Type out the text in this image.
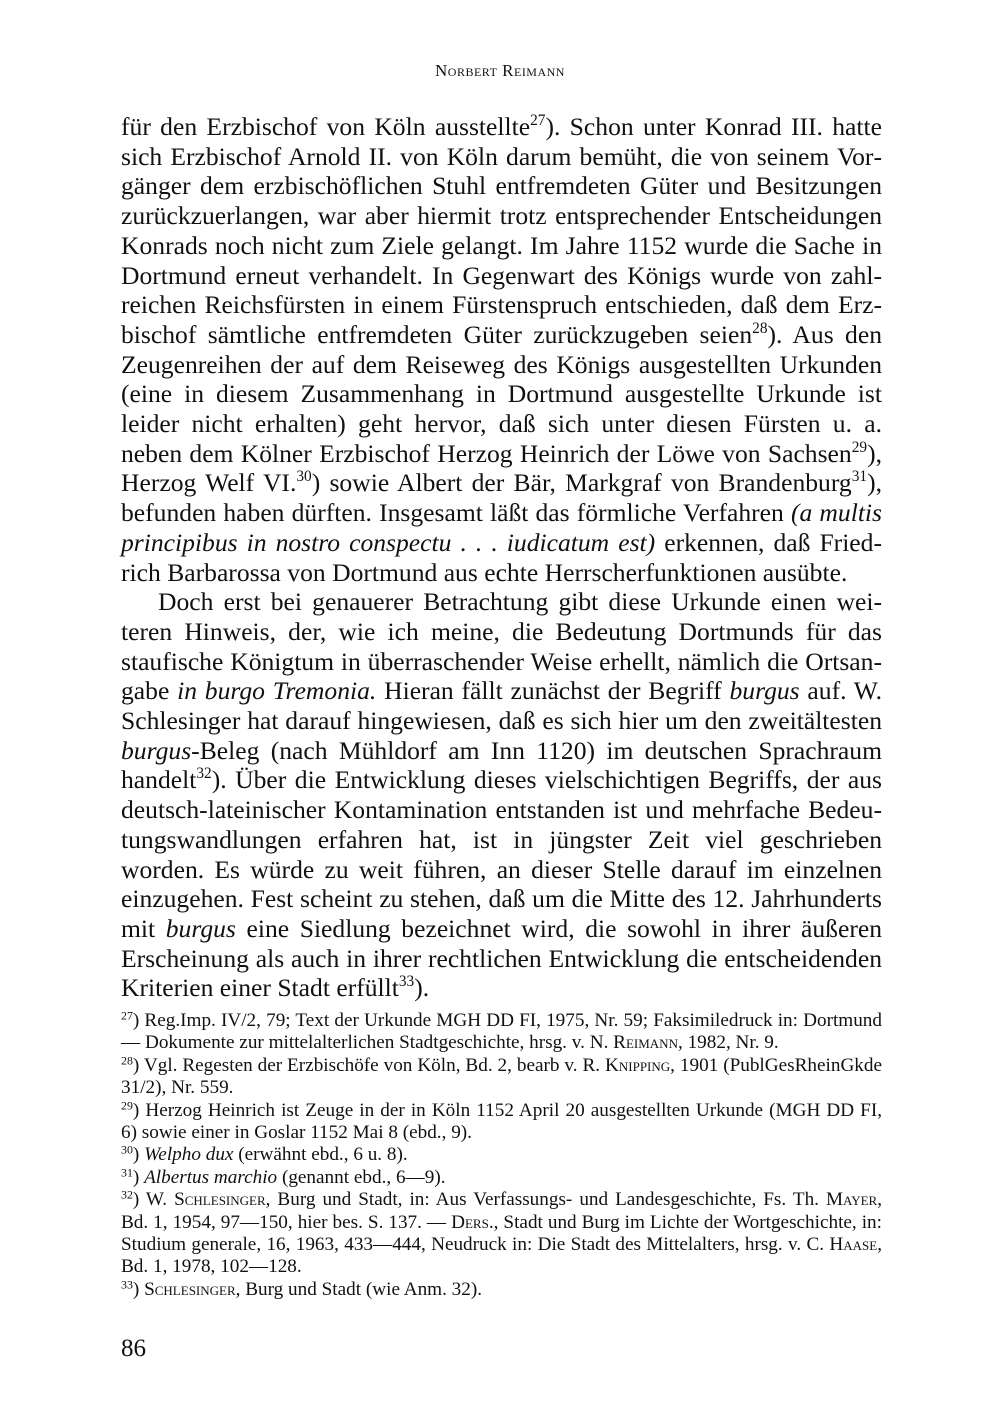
Norbert Reimann

für den Erzbischof von Köln ausstellte$^{27}$). Schon unter Konrad III. hatte sich Erzbischof Arnold II. von Köln darum bemüht, die von seinem Vorgänger dem erzbischöflichen Stuhl entfremdeten Güter und Besitzungen zurückzuerlangen, war aber hiermit trotz entsprechender Entscheidungen Konrads noch nicht zum Ziele gelangt. Im Jahre 1152 wurde die Sache in Dortmund erneut verhandelt. In Gegenwart des Königs wurde von zahlreichen Reichsfürsten in einem Fürstenspruch entschieden, daß dem Erzbischof sämtliche entfremdeten Güter zurückzugeben seien$^{28}$). Aus den Zeugenreihen der auf dem Reiseweg des Königs ausgestellten Urkunden (eine in diesem Zusammenhang in Dortmund ausgestellte Urkunde ist leider nicht erhalten) geht hervor, daß sich unter diesen Fürsten u. a. neben dem Kölner Erzbischof Herzog Heinrich der Löwe von Sachsen$^{29}$), Herzog Welf VI.$^{30}$) sowie Albert der Bär, Markgraf von Brandenburg$^{31}$), befunden haben dürften. Insgesamt läßt das förmliche Verfahren (a multis principibus in nostro conspectu . . . iudicatum est) erkennen, daß Friedrich Barbarossa von Dortmund aus echte Herrscherfunktionen ausübte.

Doch erst bei genauerer Betrachtung gibt diese Urkunde einen weiteren Hinweis, der, wie ich meine, die Bedeutung Dortmunds für das staufische Königtum in überraschender Weise erhellt, nämlich die Ortsangabe in burgo Tremonia. Hieran fällt zunächst der Begriff burgus auf. W. Schlesinger hat darauf hingewiesen, daß es sich hier um den zweitältesten burgus-Beleg (nach Mühldorf am Inn 1120) im deutschen Sprachraum handelt$^{32}$). Über die Entwicklung dieses vielschichtigen Begriffs, der aus deutsch-lateinischer Kontamination entstanden ist und mehrfache Bedeutungswandlungen erfahren hat, ist in jüngster Zeit viel geschrieben worden. Es würde zu weit führen, an dieser Stelle darauf im einzelnen einzugehen. Fest scheint zu stehen, daß um die Mitte des 12. Jahrhunderts mit burgus eine Siedlung bezeichnet wird, die sowohl in ihrer äußeren Erscheinung als auch in ihrer rechtlichen Entwicklung die entscheidenden Kriterien einer Stadt erfüllt$^{33}$).

$^{27}$) Reg.Imp. IV/2, 79; Text der Urkunde MGH DD FI, 1975, Nr. 59; Faksimiledruck in: Dortmund — Dokumente zur mittelalterlichen Stadtgeschichte, hrsg. v. N. Reimann, 1982, Nr. 9.

$^{28}$) Vgl. Regesten der Erzbischöfe von Köln, Bd. 2, bearb v. R. Knipping, 1901 (PublGesRheinGkde 31/2), Nr. 559.

$^{29}$) Herzog Heinrich ist Zeuge in der in Köln 1152 April 20 ausgestellten Urkunde (MGH DD FI, 6) sowie einer in Goslar 1152 Mai 8 (ebd., 9).

$^{30}$) Welpho dux (erwähnt ebd., 6 u. 8).

$^{31}$) Albertus marchio (genannt ebd., 6—9).

$^{32}$) W. Schlesinger, Burg und Stadt, in: Aus Verfassungs- und Landesgeschichte, Fs. Th. Mayer, Bd. 1, 1954, 97—150, hier bes. S. 137. — Ders., Stadt und Burg im Lichte der Wortgeschichte, in: Studium generale, 16, 1963, 433—444, Neudruck in: Die Stadt des Mittelalters, hrsg. v. C. Haase, Bd. 1, 1978, 102—128.

$^{33}$) Schlesinger, Burg und Stadt (wie Anm. 32).

86
